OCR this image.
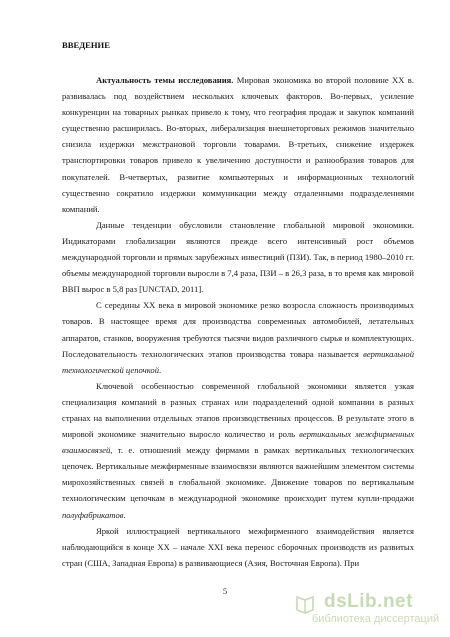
ВВЕДЕНИЕ

Актуальность темы исследования. Мировая экономика во второй половине XX в. развивалась под воздействием нескольких ключевых факторов. Во-первых, усиление конкуренции на товарных рынках привело к тому, что география продаж и закупок компаний существенно расширилась. Во-вторых, либерализация внешнеторговых режимов значительно снизила издержки межстрановой торговли товарами. В-третьих, снижение издержек транспортировки товаров привело к увеличению доступности и разнообразия товаров для покупателей. В-четвертых, развитие компьютерных и информационных технологий существенно сократило издержки коммуникации между отдаленными подразделениями компаний.

Данные тенденции обусловили становление глобальной мировой экономики. Индикаторами глобализации являются прежде всего интенсивный рост объемов международной торговли и прямых зарубежных инвестиций (ПЗИ). Так, в период 1980–2010 гг. объемы международной торговли выросли в 7,4 раза, ПЗИ – в 26,3 раза, в то время как мировой ВВП вырос в 5,8 раз [UNCTAD, 2011].

С середины XX века в мировой экономике резко возросла сложность производимых товаров. В настоящее время для производства современных автомобилей, летательных аппаратов, станков, вооружения требуются тысячи видов различного сырья и комплектующих. Последовательность технологических этапов производства товара называется вертикальной технологической цепочкой.

Ключевой особенностью современной глобальной экономики является узкая специализация компаний в разных странах или подразделений одной компании в разных странах на выполнении отдельных этапов производственных процессов. В результате этого в мировой экономике значительно выросло количество и роль вертикальных межфирменных взаимосвязей, т. е. отношений между фирмами в рамках вертикальных технологических цепочек. Вертикальные межфирменные взаимосвязи являются важнейшим элементом системы мирохозяйственных связей в глобальной экономике. Движение товаров по вертикальным технологическим цепочкам в международной экономике происходит путем купли-продажи полуфабрикатов.

Яркой иллюстрацией вертикального межфирменного взаимодействия является наблюдающийся в конце XX – начале XXI века перенос сборочных производств из развитых стран (США, Западная Европа) в развивающиеся (Азия, Восточная Европа). При

5	dsLib.net
библиотека диссертаций
